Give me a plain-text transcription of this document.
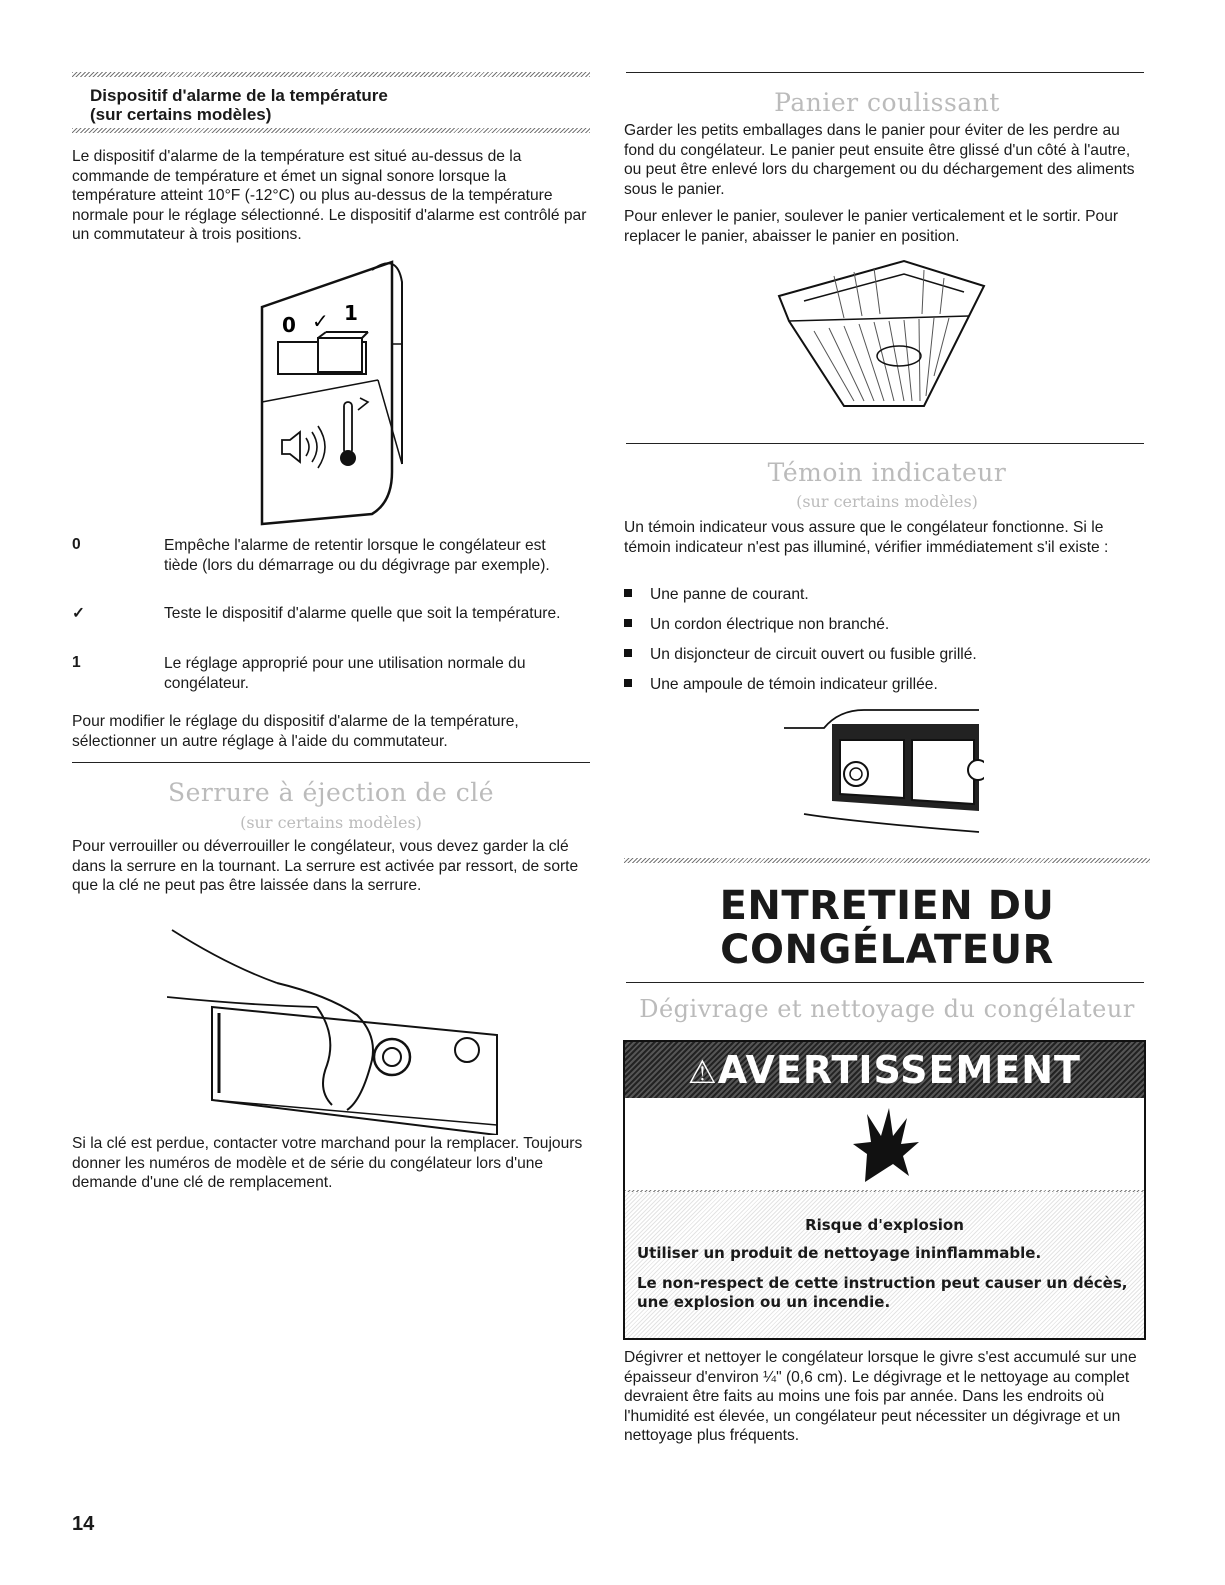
Dispositif d'alarme de la température
(sur certains modèles)

Le dispositif d'alarme de la température est situé au-dessus de la commande de température et émet un signal sonore lorsque la température atteint 10°F (-12°C) ou plus au-dessus de la température normale pour le réglage sélectionné. Le dispositif d'alarme est contrôlé par un commutateur à trois positions.

0 ✓ 1
0	Empêche l'alarme de retentir lorsque le congélateur est tiède (lors du démarrage ou du dégivrage par exemple).
✓	Teste le dispositif d'alarme quelle que soit la température.
1	Le réglage approprié pour une utilisation normale du congélateur.

Pour modifier le réglage du dispositif d'alarme de la température, sélectionner un autre réglage à l'aide du commutateur.

Serrure à éjection de clé
(sur certains modèles)

Pour verrouiller ou déverrouiller le congélateur, vous devez garder la clé dans la serrure en la tournant. La serrure est activée par ressort, de sorte que la clé ne peut pas être laissée dans la serrure.

Si la clé est perdue, contacter votre marchand pour la remplacer. Toujours donner les numéros de modèle et de série du congélateur lors d'une demande d'une clé de remplacement.

14
Panier coulissant

Garder les petits emballages dans le panier pour éviter de les perdre au fond du congélateur. Le panier peut ensuite être glissé d'un côté à l'autre, ou peut être enlevé lors du chargement ou du déchargement des aliments sous le panier.

Pour enlever le panier, soulever le panier verticalement et le sortir. Pour replacer le panier, abaisser le panier en position.

Témoin indicateur
(sur certains modèles)

Un témoin indicateur vous assure que le congélateur fonctionne. Si le témoin indicateur n'est pas illuminé, vérifier immédiatement s'il existe :

Une panne de courant.
Un cordon électrique non branché.
Un disjoncteur de circuit ouvert ou fusible grillé.
Une ampoule de témoin indicateur grillée.
ENTRETIEN DU
CONGÉLATEUR
Dégivrage et nettoyage du congélateur
⚠AVERTISSEMENT
Risque d'explosion
Utiliser un produit de nettoyage ininflammable.
Le non-respect de cette instruction peut causer un décès, une explosion ou un incendie.

Dégivrer et nettoyer le congélateur lorsque le givre s'est accumulé sur une épaisseur d'environ ¼" (0,6 cm). Le dégivrage et le nettoyage au complet devraient être faits au moins une fois par année. Dans les endroits où l'humidité est élevée, un congélateur peut nécessiter un dégivrage et un nettoyage plus fréquents.
